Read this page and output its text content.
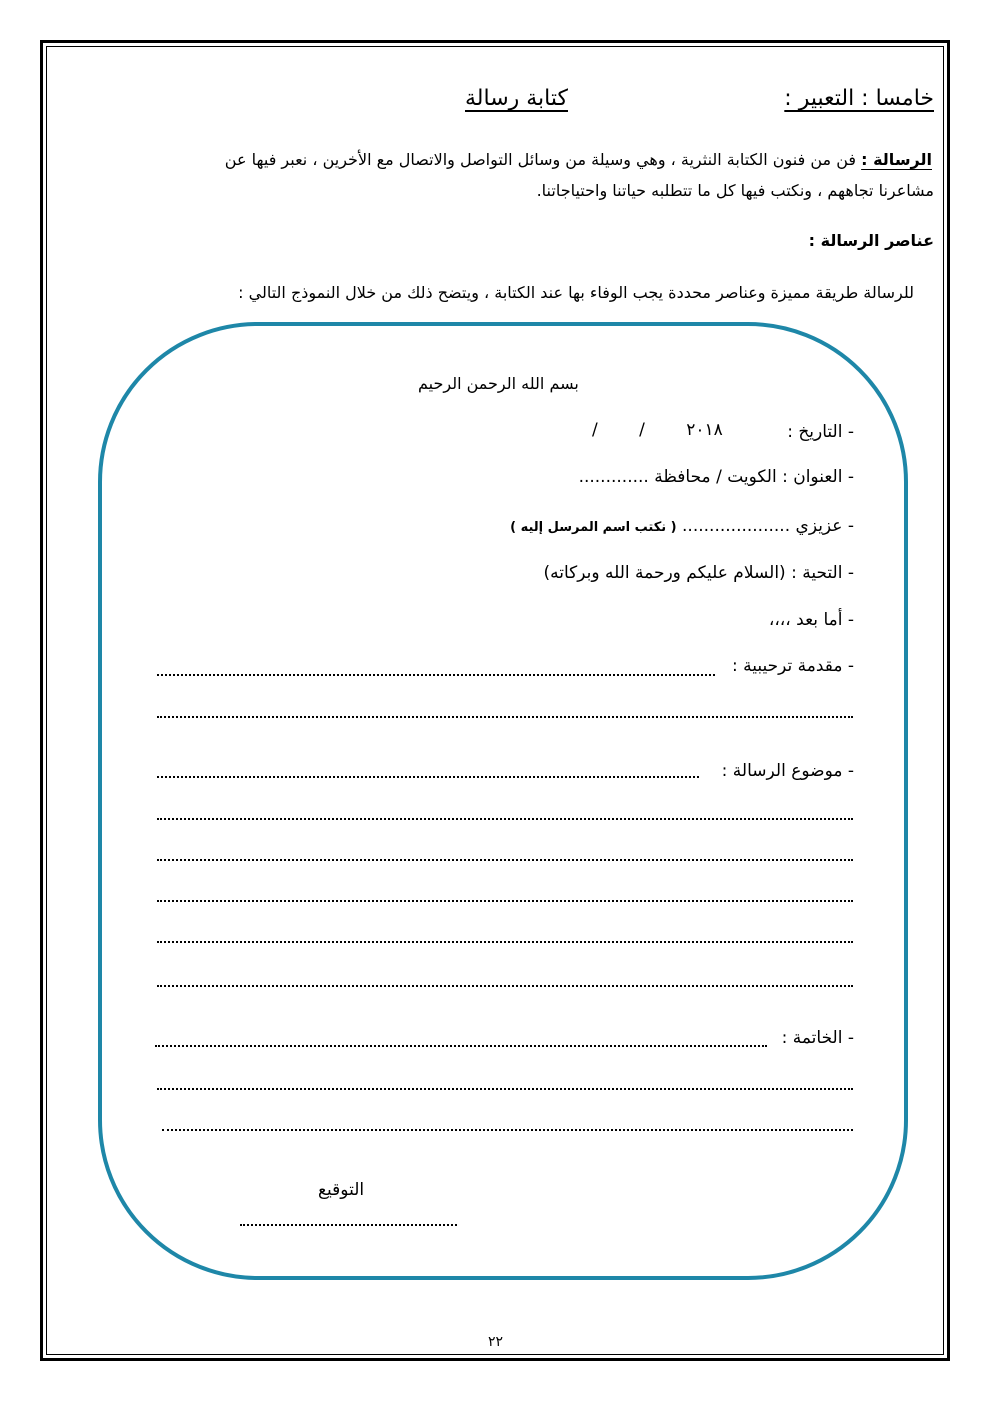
خامسا : التعبير :
كتابة رسالة
الرسالة : فن من فنون الكتابة النثرية ، وهي وسيلة من وسائل التواصل والاتصال مع الأخرين ، نعبر فيها عن
مشاعرنا تجاههم ، ونكتب فيها كل ما تتطلبه حياتنا واحتياجاتنا.
عناصر الرسالة :
للرسالة طريقة مميزة وعناصر محددة يجب الوفاء بها عند الكتابة ، ويتضح ذلك من خلال النموذج التالي :
بسم الله الرحمن الرحيم
- التاريخ :
/ / ٢٠١٨
- العنوان : الكويت / محافظة .............
- عزيزي .................... ( نكتب اسم المرسل إليه )
- التحية : (السلام عليكم ورحمة الله وبركاته)
- أما بعد ،،،،
- مقدمة ترحيبية :
- موضوع الرسالة :
- الخاتمة :
التوقيع
٢٢
